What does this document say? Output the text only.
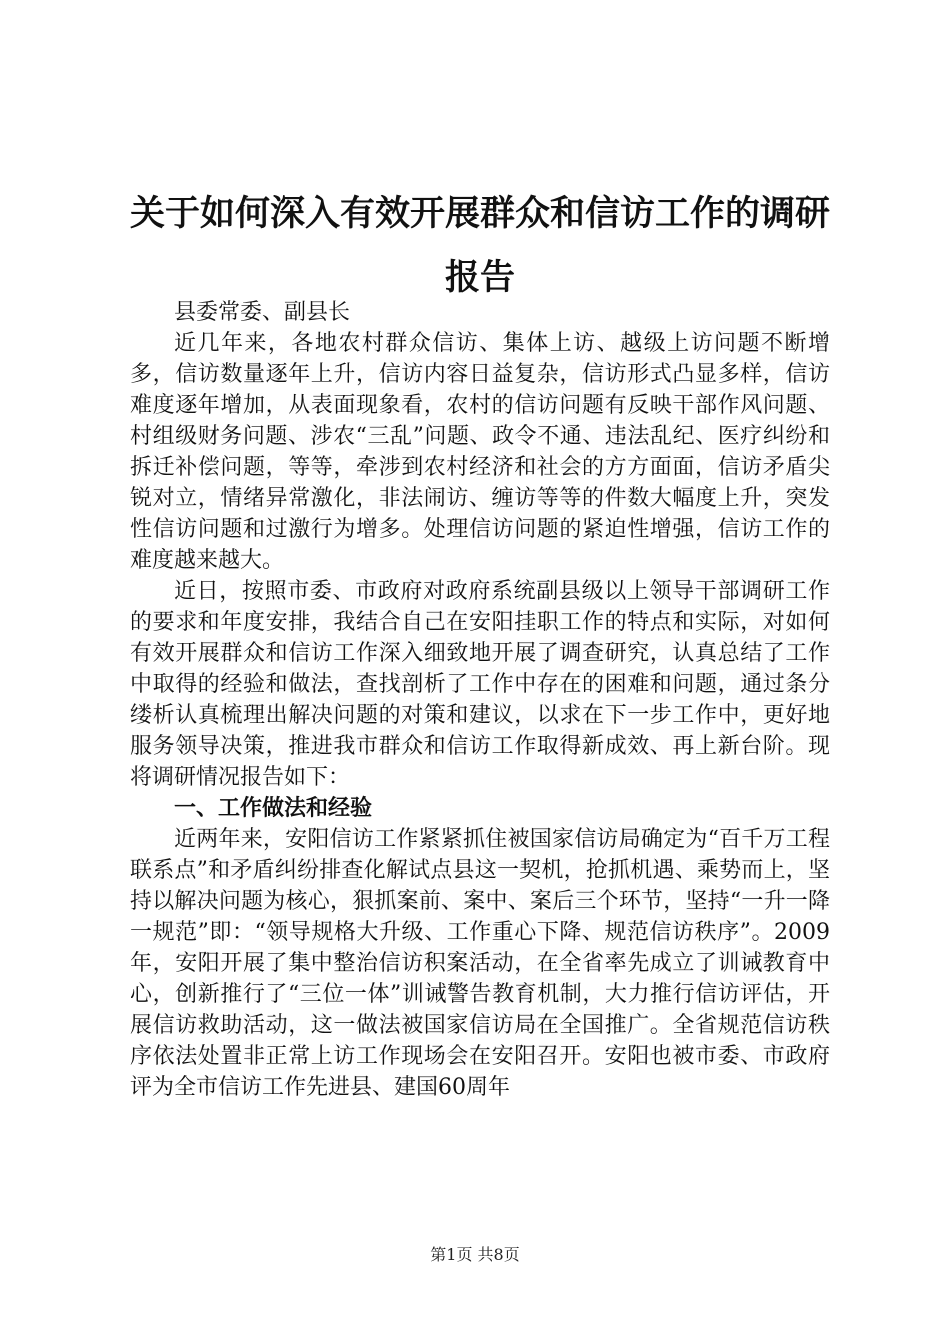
关于如何深入有效开展群众和信访工作的调研报告

县委常委、副县长

近几年来，各地农村群众信访、集体上访、越级上访问题不断增多，信访数量逐年上升，信访内容日益复杂，信访形式凸显多样，信访难度逐年增加，从表面现象看，农村的信访问题有反映干部作风问题、村组级财务问题、涉农“三乱”问题、政令不通、违法乱纪、医疗纠纷和拆迁补偿问题，等等，牵涉到农村经济和社会的方方面面，信访矛盾尖锐对立，情绪异常激化，非法闹访、缠访等等的件数大幅度上升，突发性信访问题和过激行为增多。处理信访问题的紧迫性增强，信访工作的难度越来越大。

近日，按照市委、市政府对政府系统副县级以上领导干部调研工作的要求和年度安排，我结合自己在安阳挂职工作的特点和实际，对如何有效开展群众和信访工作深入细致地开展了调查研究，认真总结了工作中取得的经验和做法，查找剖析了工作中存在的困难和问题，通过条分缕析认真梳理出解决问题的对策和建议，以求在下一步工作中，更好地服务领导决策，推进我市群众和信访工作取得新成效、再上新台阶。现将调研情况报告如下：

一、工作做法和经验

近两年来，安阳信访工作紧紧抓住被国家信访局确定为“百千万工程联系点”和矛盾纠纷排查化解试点县这一契机，抢抓机遇、乘势而上，坚持以解决问题为核心，狠抓案前、案中、案后三个环节，坚持“一升一降一规范”即：“领导规格大升级、工作重心下降、规范信访秩序”。2009年，安阳开展了集中整治信访积案活动，在全省率先成立了训诫教育中心，创新推行了“三位一体”训诫警告教育机制，大力推行信访评估，开展信访救助活动，这一做法被国家信访局在全国推广。全省规范信访秩序依法处置非正常上访工作现场会在安阳召开。安阳也被市委、市政府评为全市信访工作先进县、建国60周年

第1页 共8页
